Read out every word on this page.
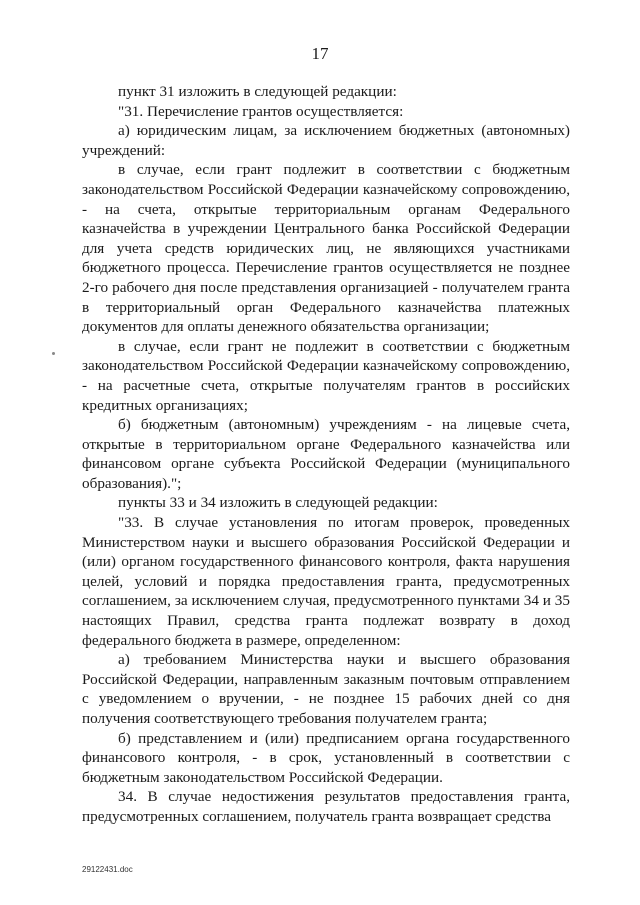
17

пункт 31 изложить в следующей редакции:

"31. Перечисление грантов осуществляется:

а) юридическим лицам, за исключением бюджетных (автономных) учреждений:

в случае, если грант подлежит в соответствии с бюджетным законодательством Российской Федерации казначейскому сопровождению, - на счета, открытые территориальным органам Федерального казначейства в учреждении Центрального банка Российской Федерации для учета средств юридических лиц, не являющихся участниками бюджетного процесса. Перечисление грантов осуществляется не позднее 2-го рабочего дня после представления организацией - получателем гранта в территориальный орган Федерального казначейства платежных документов для оплаты денежного обязательства организации;

в случае, если грант не подлежит в соответствии с бюджетным законодательством Российской Федерации казначейскому сопровождению, - на расчетные счета, открытые получателям грантов в российских кредитных организациях;

б) бюджетным (автономным) учреждениям - на лицевые счета, открытые в территориальном органе Федерального казначейства или финансовом органе субъекта Российской Федерации (муниципального образования).";

пункты 33 и 34 изложить в следующей редакции:

"33. В случае установления по итогам проверок, проведенных Министерством науки и высшего образования Российской Федерации и (или) органом государственного финансового контроля, факта нарушения целей, условий и порядка предоставления гранта, предусмотренных соглашением, за исключением случая, предусмотренного пунктами 34 и 35 настоящих Правил, средства гранта подлежат возврату в доход федерального бюджета в размере, определенном:

а) требованием Министерства науки и высшего образования Российской Федерации, направленным заказным почтовым отправлением с уведомлением о вручении, - не позднее 15 рабочих дней со дня получения соответствующего требования получателем гранта;

б) представлением и (или) предписанием органа государственного финансового контроля, - в срок, установленный в соответствии с бюджетным законодательством Российской Федерации.

34. В случае недостижения результатов предоставления гранта, предусмотренных соглашением, получатель гранта возвращает средства

29122431.doc
